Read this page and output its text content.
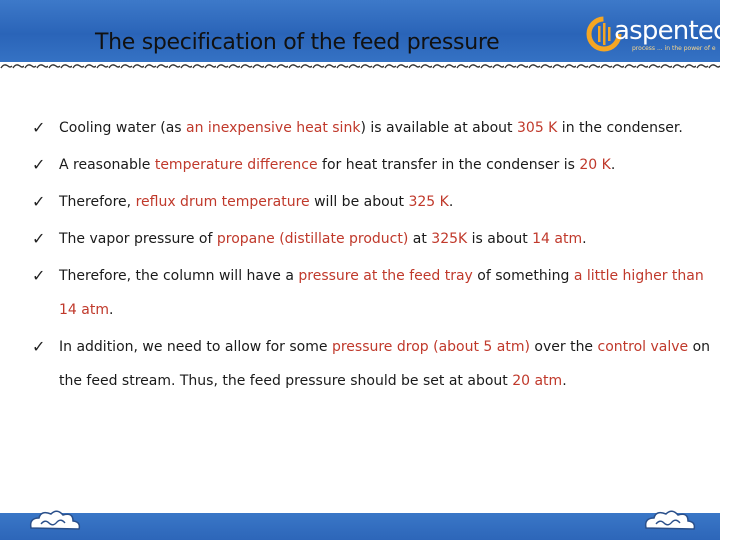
The specification of the feed pressure	aspentech
process ... in the power of e
✓ Cooling water (as an inexpensive heat sink) is available at about 305 K in the condenser.
✓ A reasonable temperature difference for heat transfer in the condenser is 20 K.
✓ Therefore, reflux drum temperature will be about 325 K.
✓ The vapor pressure of propane (distillate product) at 325K is about 14 atm.
✓ Therefore, the column will have a pressure at the feed tray of something a little higher than 14 atm.
✓ In addition, we need to allow for some pressure drop (about 5 atm) over the control valve on the feed stream. Thus, the feed pressure should be set at about 20 atm.
